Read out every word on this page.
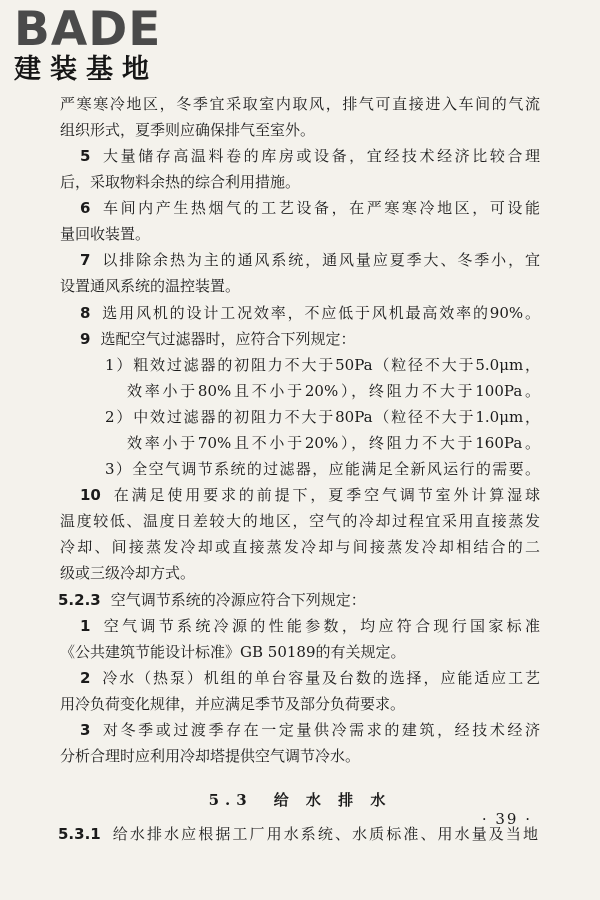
BADE
建装基地
严寒寒冷地区，冬季宜采取室内取风，排气可直接进入车间的气流
组织形式，夏季则应确保排气至室外。
5 大量储存高温料卷的库房或设备，宜经技术经济比较合理
后，采取物料余热的综合利用措施。
6 车间内产生热烟气的工艺设备，在严寒寒冷地区，可设能
量回收装置。
7 以排除余热为主的通风系统，通风量应夏季大、冬季小，宜
设置通风系统的温控装置。
8 选用风机的设计工况效率，不应低于风机最高效率的90%。
9 选配空气过滤器时，应符合下列规定：
1）粗效过滤器的初阻力不大于50Pa（粒径不大于5.0μm，
效率小于80%且不小于20%），终阻力不大于100Pa。
2）中效过滤器的初阻力不大于80Pa（粒径不大于1.0μm，
效率小于70%且不小于20%），终阻力不大于160Pa。
3）全空气调节系统的过滤器，应能满足全新风运行的需要。
10 在满足使用要求的前提下，夏季空气调节室外计算湿球
温度较低、温度日差较大的地区，空气的冷却过程宜采用直接蒸发
冷却、间接蒸发冷却或直接蒸发冷却与间接蒸发冷却相结合的二
级或三级冷却方式。
5.2.3 空气调节系统的冷源应符合下列规定：
1 空气调节系统冷源的性能参数，均应符合现行国家标准
《公共建筑节能设计标准》GB 50189的有关规定。
2 冷水（热泵）机组的单台容量及台数的选择，应能适应工艺
用冷负荷变化规律，并应满足季节及部分负荷要求。
3 对冬季或过渡季存在一定量供冷需求的建筑，经技术经济
分析合理时应利用冷却塔提供空气调节冷水。
5.3　给 水 排 水
5.3.1 给水排水应根据工厂用水系统、水质标准、用水量及当地
· 39 ·
